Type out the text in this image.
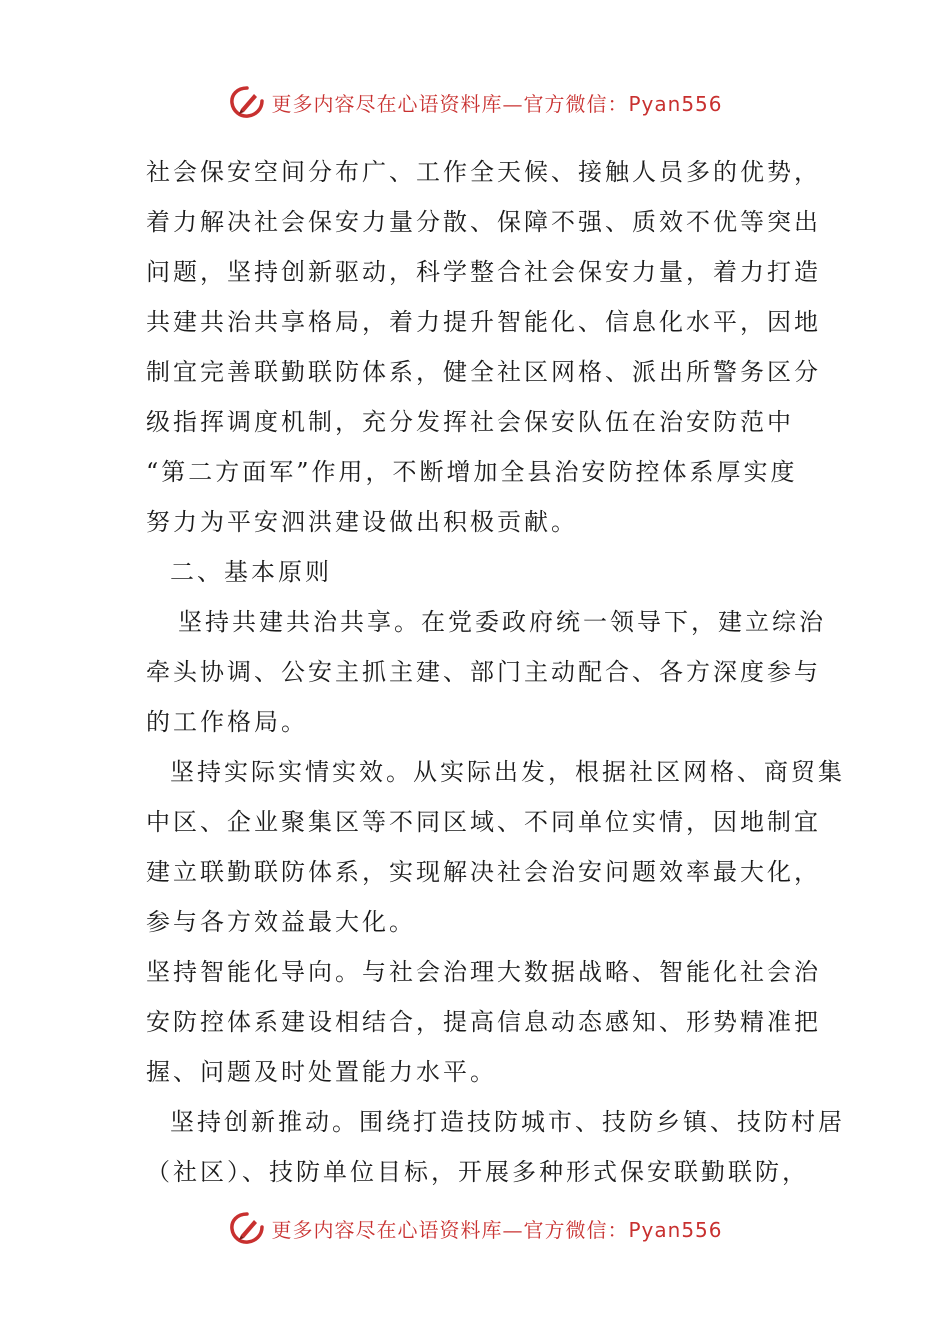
更多内容尽在心语资料库—官方微信：Pyan556
社会保安空间分布广、工作全天候、接触人员多的优势，
着力解决社会保安力量分散、保障不强、质效不优等突出
问题，坚持创新驱动，科学整合社会保安力量，着力打造
共建共治共享格局，着力提升智能化、信息化水平，因地
制宜完善联勤联防体系，健全社区网格、派出所警务区分
级指挥调度机制，充分发挥社会保安队伍在治安防范中
“第二方面军”作用，不断增加全县治安防控体系厚实度
努力为平安泗洪建设做出积极贡献。
二、基本原则
坚持共建共治共享。在党委政府统一领导下，建立综治
牵头协调、公安主抓主建、部门主动配合、各方深度参与
的工作格局。
坚持实际实情实效。从实际出发，根据社区网格、商贸集
中区、企业聚集区等不同区域、不同单位实情，因地制宜
建立联勤联防体系，实现解决社会治安问题效率最大化，
参与各方效益最大化。
坚持智能化导向。与社会治理大数据战略、智能化社会治
安防控体系建设相结合，提高信息动态感知、形势精准把
握、问题及时处置能力水平。
坚持创新推动。围绕打造技防城市、技防乡镇、技防村居
（社区）、技防单位目标，开展多种形式保安联勤联防，
更多内容尽在心语资料库—官方微信：Pyan556
